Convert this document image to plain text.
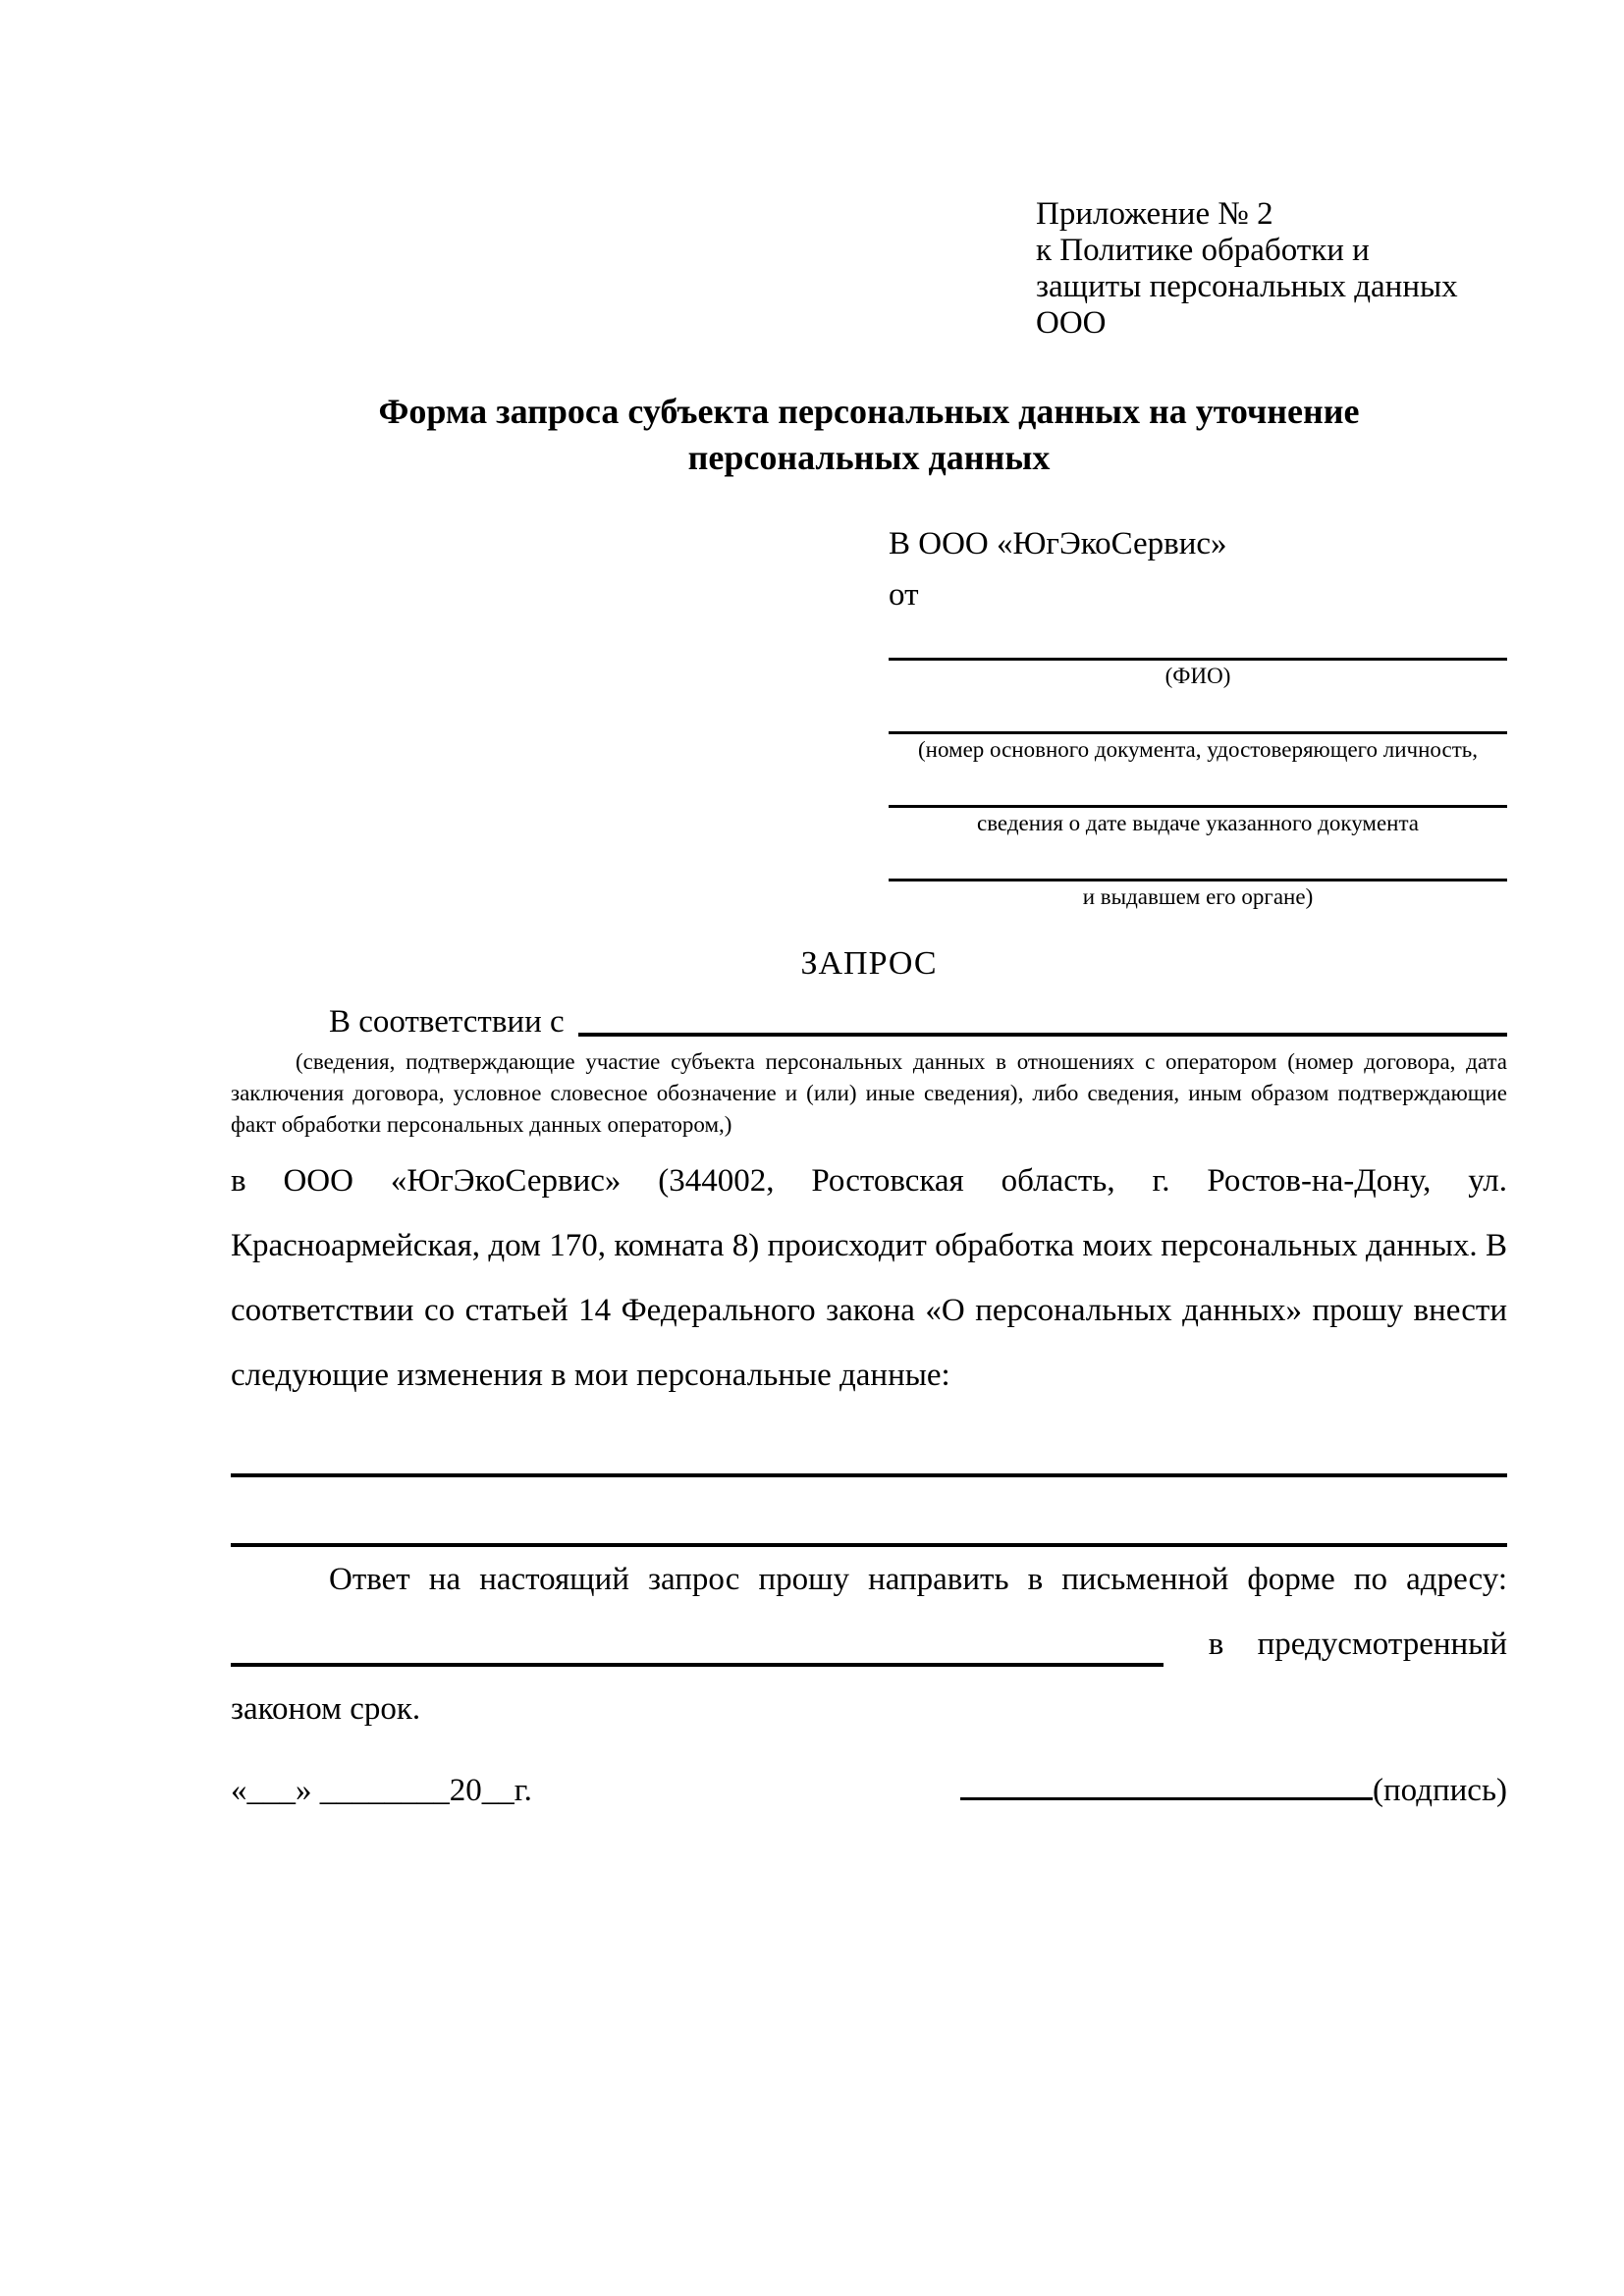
Приложение № 2
к Политике обработки и
защиты персональных данных
ООО
Форма запроса субъекта персональных данных на уточнение персональных данных
В ООО «ЮгЭкоСервис»
от
(ФИО)
(номер основного документа, удостоверяющего личность,
сведения о дате выдаче указанного документа
и выдавшем его органе)
ЗАПРОС
В соответствии с
(сведения, подтверждающие участие субъекта персональных данных в отношениях с оператором (номер договора, дата заключения договора, условное словесное обозначение и (или) иные сведения), либо сведения, иным образом подтверждающие факт обработки персональных данных оператором,)
в ООО «ЮгЭкоСервис» (344002, Ростовская область, г. Ростов-на-Дону, ул. Красноармейская, дом 170, комната 8) происходит обработка моих персональных данных. В соответствии со статьей 14 Федерального закона «О персональных данных» прошу внести следующие изменения в мои персональные данные:
Ответ на настоящий запрос прошу направить в письменной форме по адресу:
в предусмотренный
законом срок.
«___» ________20__г.	(подпись)
